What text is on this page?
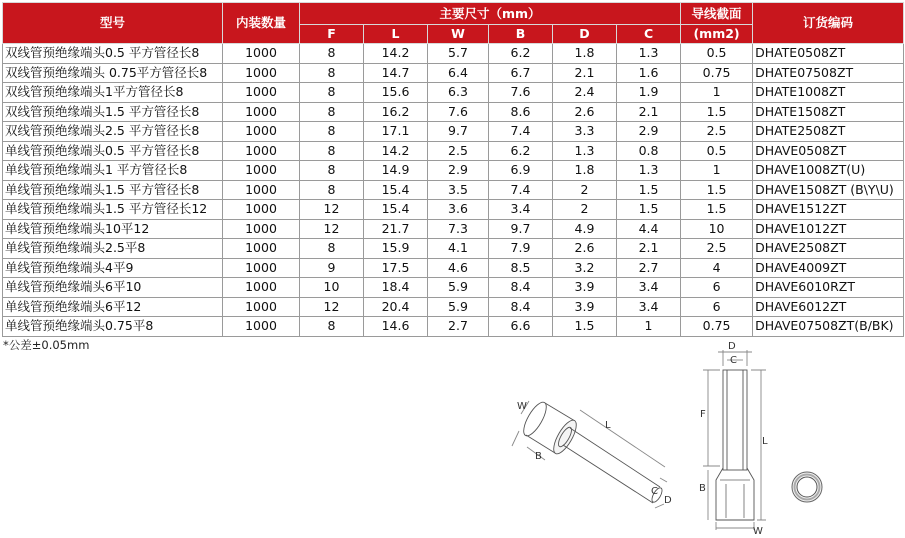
型号	内装数量	主要尺寸（mm）						导线截面	订货编码
		F	L	W	B	D	C	(mm2)	
双线管预绝缘端头0.5 平方管径长8	1000	8	14.2	5.7	6.2	1.8	1.3	0.5	DHATE0508ZT
双线管预绝缘端头 0.75平方管径长8	1000	8	14.7	6.4	6.7	2.1	1.6	0.75	DHATE07508ZT
双线管预绝缘端头1平方管径长8	1000	8	15.6	6.3	7.6	2.4	1.9	1	DHATE1008ZT
双线管预绝缘端头1.5 平方管径长8	1000	8	16.2	7.6	8.6	2.6	2.1	1.5	DHATE1508ZT
双线管预绝缘端头2.5 平方管径长8	1000	8	17.1	9.7	7.4	3.3	2.9	2.5	DHATE2508ZT
单线管预绝缘端头0.5 平方管径长8	1000	8	14.2	2.5	6.2	1.3	0.8	0.5	DHAVE0508ZT
单线管预绝缘端头1 平方管径长8	1000	8	14.9	2.9	6.9	1.8	1.3	1	DHAVE1008ZT(U)
单线管预绝缘端头1.5 平方管径长8	1000	8	15.4	3.5	7.4	2	1.5	1.5	DHAVE1508ZT (B\Y\U)
单线管预绝缘端头1.5 平方管径长12	1000	12	15.4	3.6	3.4	2	1.5	1.5	DHAVE1512ZT
单线管预绝缘端头10平12	1000	12	21.7	7.3	9.7	4.9	4.4	10	DHAVE1012ZT
单线管预绝缘端头2.5平8	1000	8	15.9	4.1	7.9	2.6	2.1	2.5	DHAVE2508ZT
单线管预绝缘端头4平9	1000	9	17.5	4.6	8.5	3.2	2.7	4	DHAVE4009ZT
单线管预绝缘端头6平10	1000	10	18.4	5.9	8.4	3.9	3.4	6	DHAVE6010RZT
单线管预绝缘端头6平12	1000	12	20.4	5.9	8.4	3.9	3.4	6	DHAVE6012ZT
单线管预绝缘端头0.75平8	1000	8	14.6	2.7	6.6	1.5	1	0.75	DHAVE07508ZT(B/BK)
*公差±0.05mm
W
B
L
C
D
D
C
F
L
B
W
